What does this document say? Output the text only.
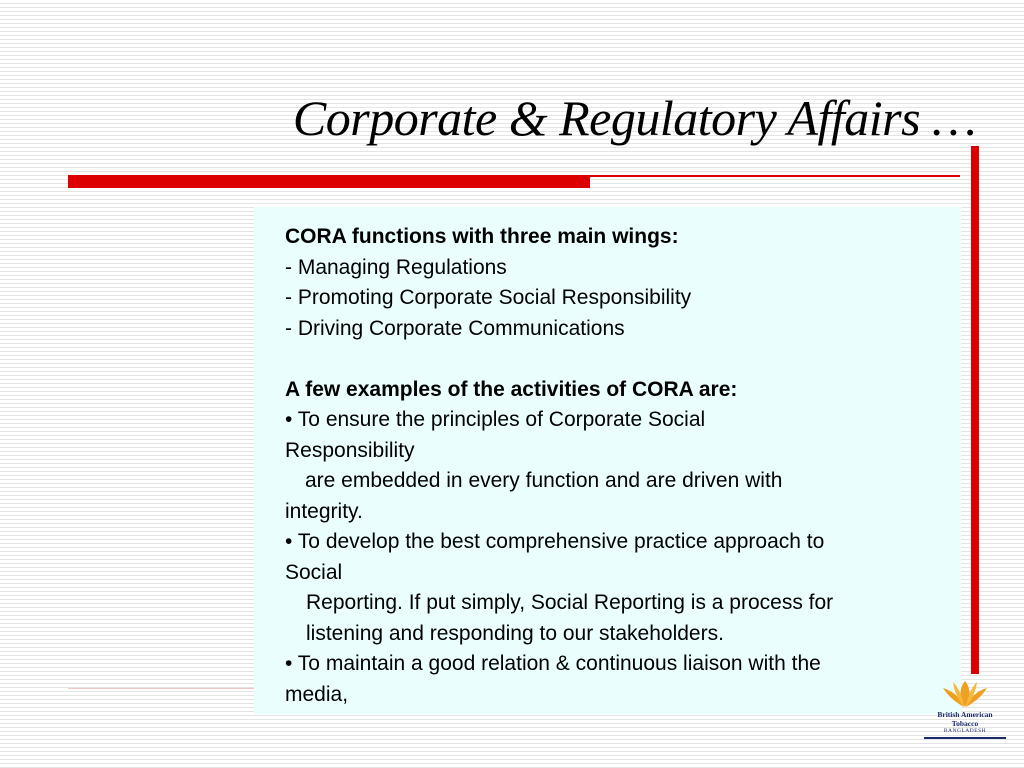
Corporate & Regulatory Affairs …

CORA functions with three main wings:

- Managing Regulations

- Promoting Corporate Social Responsibility

- Driving Corporate Communications

A few examples of the activities of CORA are:

• To ensure the principles of Corporate Social

Responsibility

are embedded in every function and are driven with

integrity.

• To develop the best comprehensive practice approach to

Social

Reporting. If put simply, Social Reporting is a process for

listening and responding to our stakeholders.

• To maintain a good relation & continuous liaison with the

media,

British American
Tobacco
BANGLADESH
